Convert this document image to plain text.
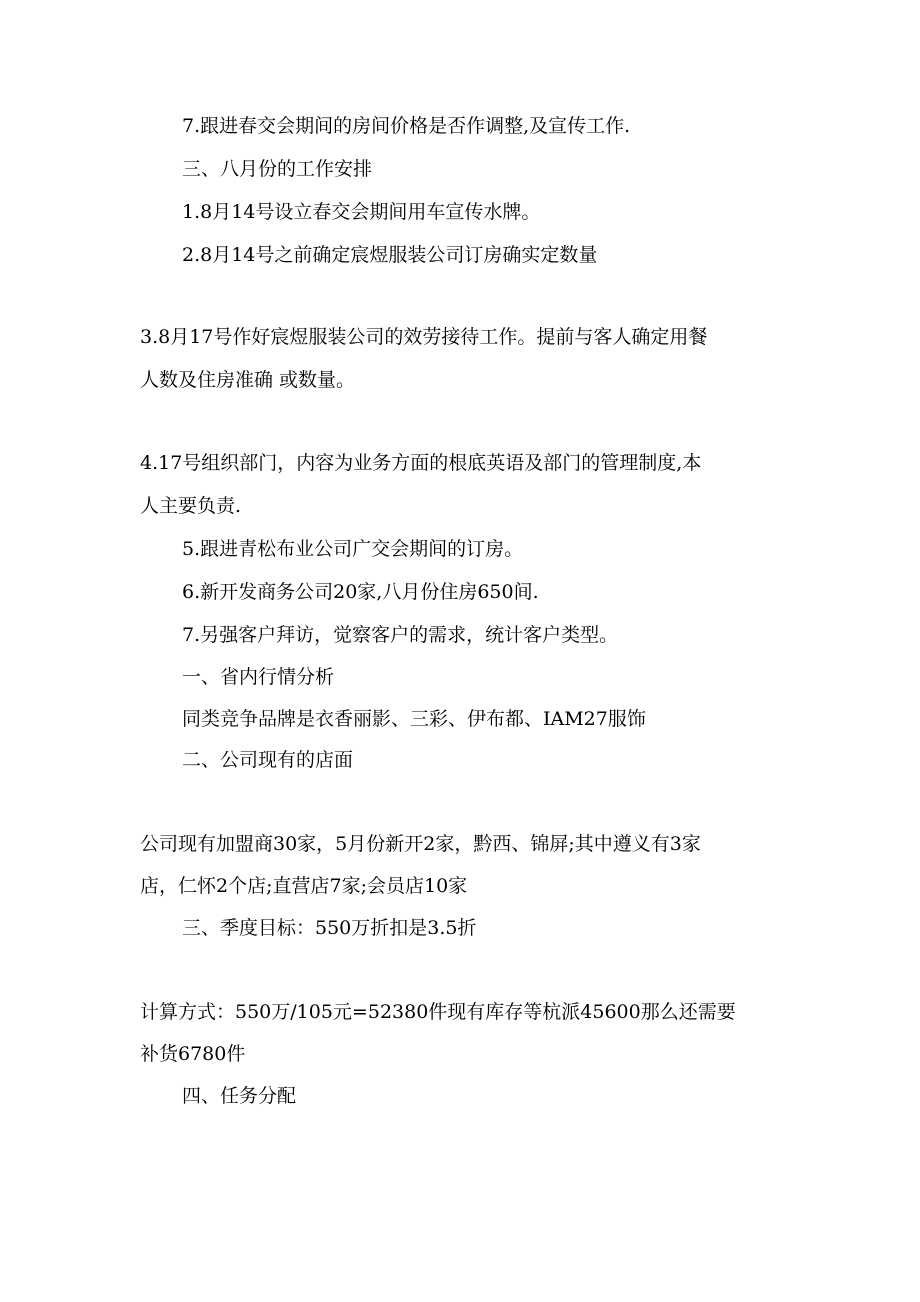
7.跟进春交会期间的房间价格是否作调整,及宣传工作.
三、八月份的工作安排
1.8月14号设立春交会期间用车宣传水牌。
2.8月14号之前确定宸煜服装公司订房确实定数量
3.8月17号作好宸煜服装公司的效劳接待工作。提前与客人确定用餐
人数及住房准确 或数量。
4.17号组织部门，内容为业务方面的根底英语及部门的管理制度,本
人主要负责.
5.跟进青松布业公司广交会期间的订房。
6.新开发商务公司20家,八月份住房650间.
7.另强客户拜访，觉察客户的需求，统计客户类型。
一、省内行情分析
同类竞争品牌是衣香丽影、三彩、伊布都、IAM27服饰
二、公司现有的店面
公司现有加盟商30家，5月份新开2家，黔西、锦屏;其中遵义有3家
店，仁怀2个店;直营店7家;会员店10家
三、季度目标：550万折扣是3.5折
计算方式：550万/105元=52380件现有库存等杭派45600那么还需要
补货6780件
四、任务分配
